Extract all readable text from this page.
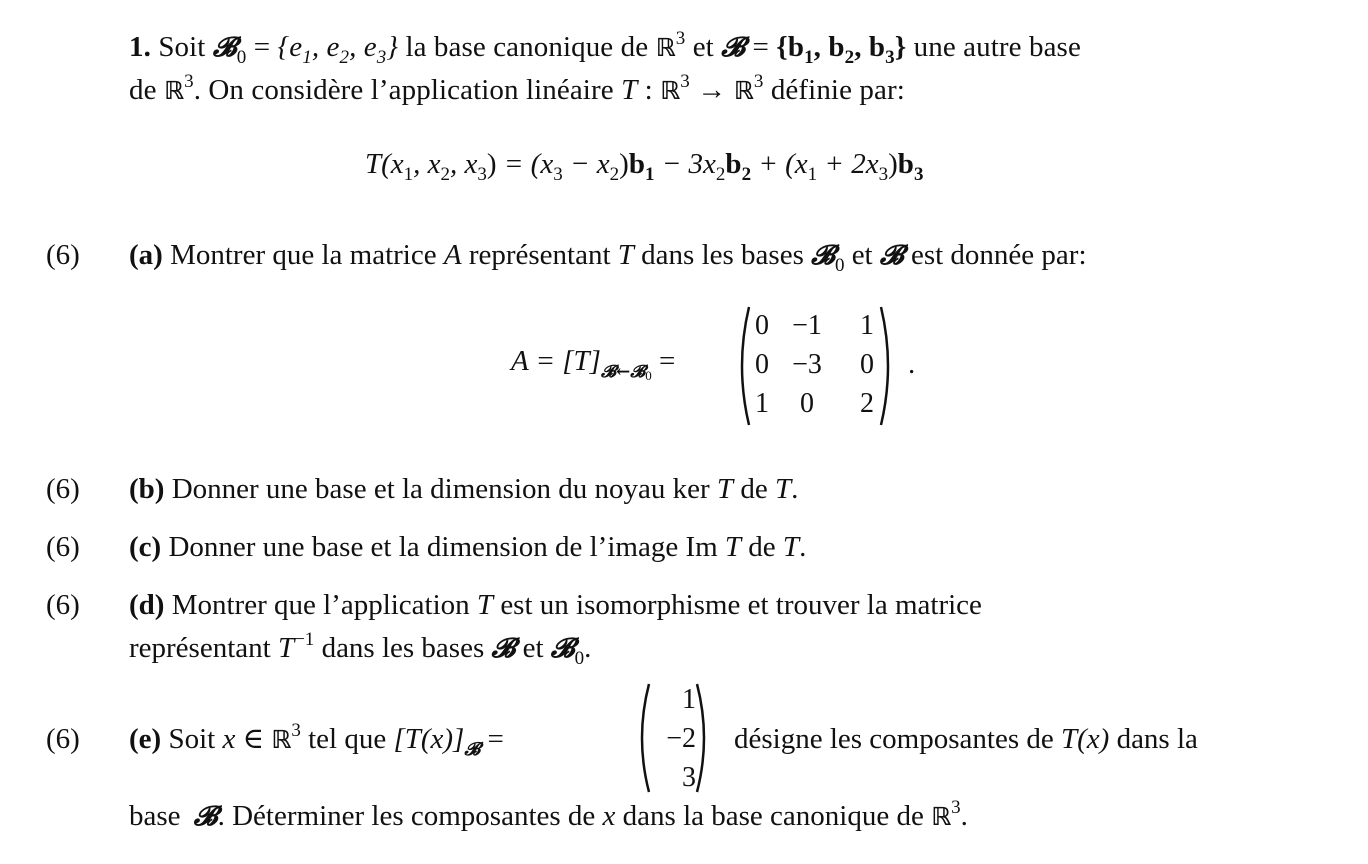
1. Soit 𝓑$_0$ = {$e_1$, $e_2$, $e_3$} la base canonique de ℝ$^3$ et 𝓑 = {$b_1$, $b_2$, $b_3$} une autre base
de ℝ$^3$. On considère l’application linéaire T : ℝ$^3$ → ℝ$^3$ définie par:
$T(x_1$, $x_2$, $x_3) = (x_3 - x_2)b_1 - 3x_2b_2 + (x_1 + 2x_3)b_3$
(6) (a) Montrer que la matrice A représentant T dans les bases 𝓑$_0$ et 𝓑 est donnée par:
$A = [T]_{𝓑\leftarrow 𝓑0}$ =
0	−1	1
0	−3	0
1	0	2
.
(6) (b) Donner une base et la dimension du noyau ker T de T.
(6) (c) Donner une base et la dimension de l’image Im T de T.
(6) (d) Montrer que l’application T est un isomorphisme et trouver la matrice
représentant $T^{-1}$ dans les bases 𝓑 et 𝓑$_0$.
(6) (e) Soit x ∈ ℝ$^3$ tel que $[T(x)]_𝓑$ =
1
−2
3
désigne les composantes de T(x) dans la
base 𝓑. Déterminer les composantes de x dans la base canonique de ℝ$^3$.
